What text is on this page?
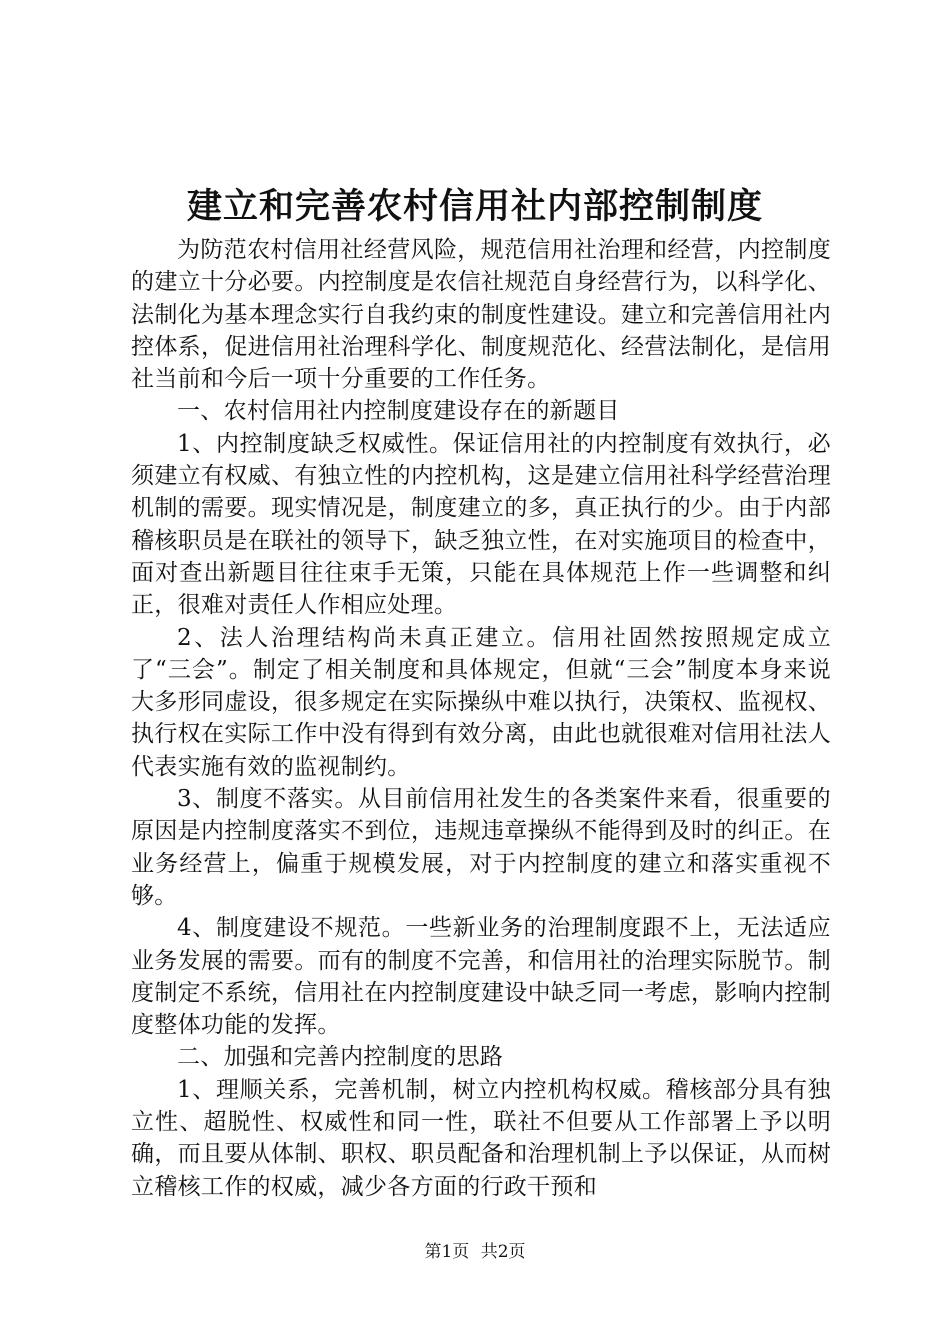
建立和完善农村信用社内部控制制度

为防范农村信用社经营风险，规范信用社治理和经营，内控制度的建立十分必要。内控制度是农信社规范自身经营行为，以科学化、法制化为基本理念实行自我约束的制度性建设。建立和完善信用社内控体系，促进信用社治理科学化、制度规范化、经营法制化，是信用社当前和今后一项十分重要的工作任务。

一、农村信用社内控制度建设存在的新题目

1、内控制度缺乏权威性。保证信用社的内控制度有效执行，必须建立有权威、有独立性的内控机构，这是建立信用社科学经营治理机制的需要。现实情况是，制度建立的多，真正执行的少。由于内部稽核职员是在联社的领导下，缺乏独立性，在对实施项目的检查中，面对查出新题目往往束手无策，只能在具体规范上作一些调整和纠正，很难对责任人作相应处理。

2、法人治理结构尚未真正建立。信用社固然按照规定成立了“三会”。制定了相关制度和具体规定，但就“三会”制度本身来说大多形同虚设，很多规定在实际操纵中难以执行，决策权、监视权、执行权在实际工作中没有得到有效分离，由此也就很难对信用社法人代表实施有效的监视制约。

3、制度不落实。从目前信用社发生的各类案件来看，很重要的原因是内控制度落实不到位，违规违章操纵不能得到及时的纠正。在业务经营上，偏重于规模发展，对于内控制度的建立和落实重视不够。

4、制度建设不规范。一些新业务的治理制度跟不上，无法适应业务发展的需要。而有的制度不完善，和信用社的治理实际脱节。制度制定不系统，信用社在内控制度建设中缺乏同一考虑，影响内控制度整体功能的发挥。

二、加强和完善内控制度的思路

1、理顺关系，完善机制，树立内控机构权威。稽核部分具有独立性、超脱性、权威性和同一性，联社不但要从工作部署上予以明确，而且要从体制、职权、职员配备和治理机制上予以保证，从而树立稽核工作的权威，减少各方面的行政干预和

第1页 共2页
